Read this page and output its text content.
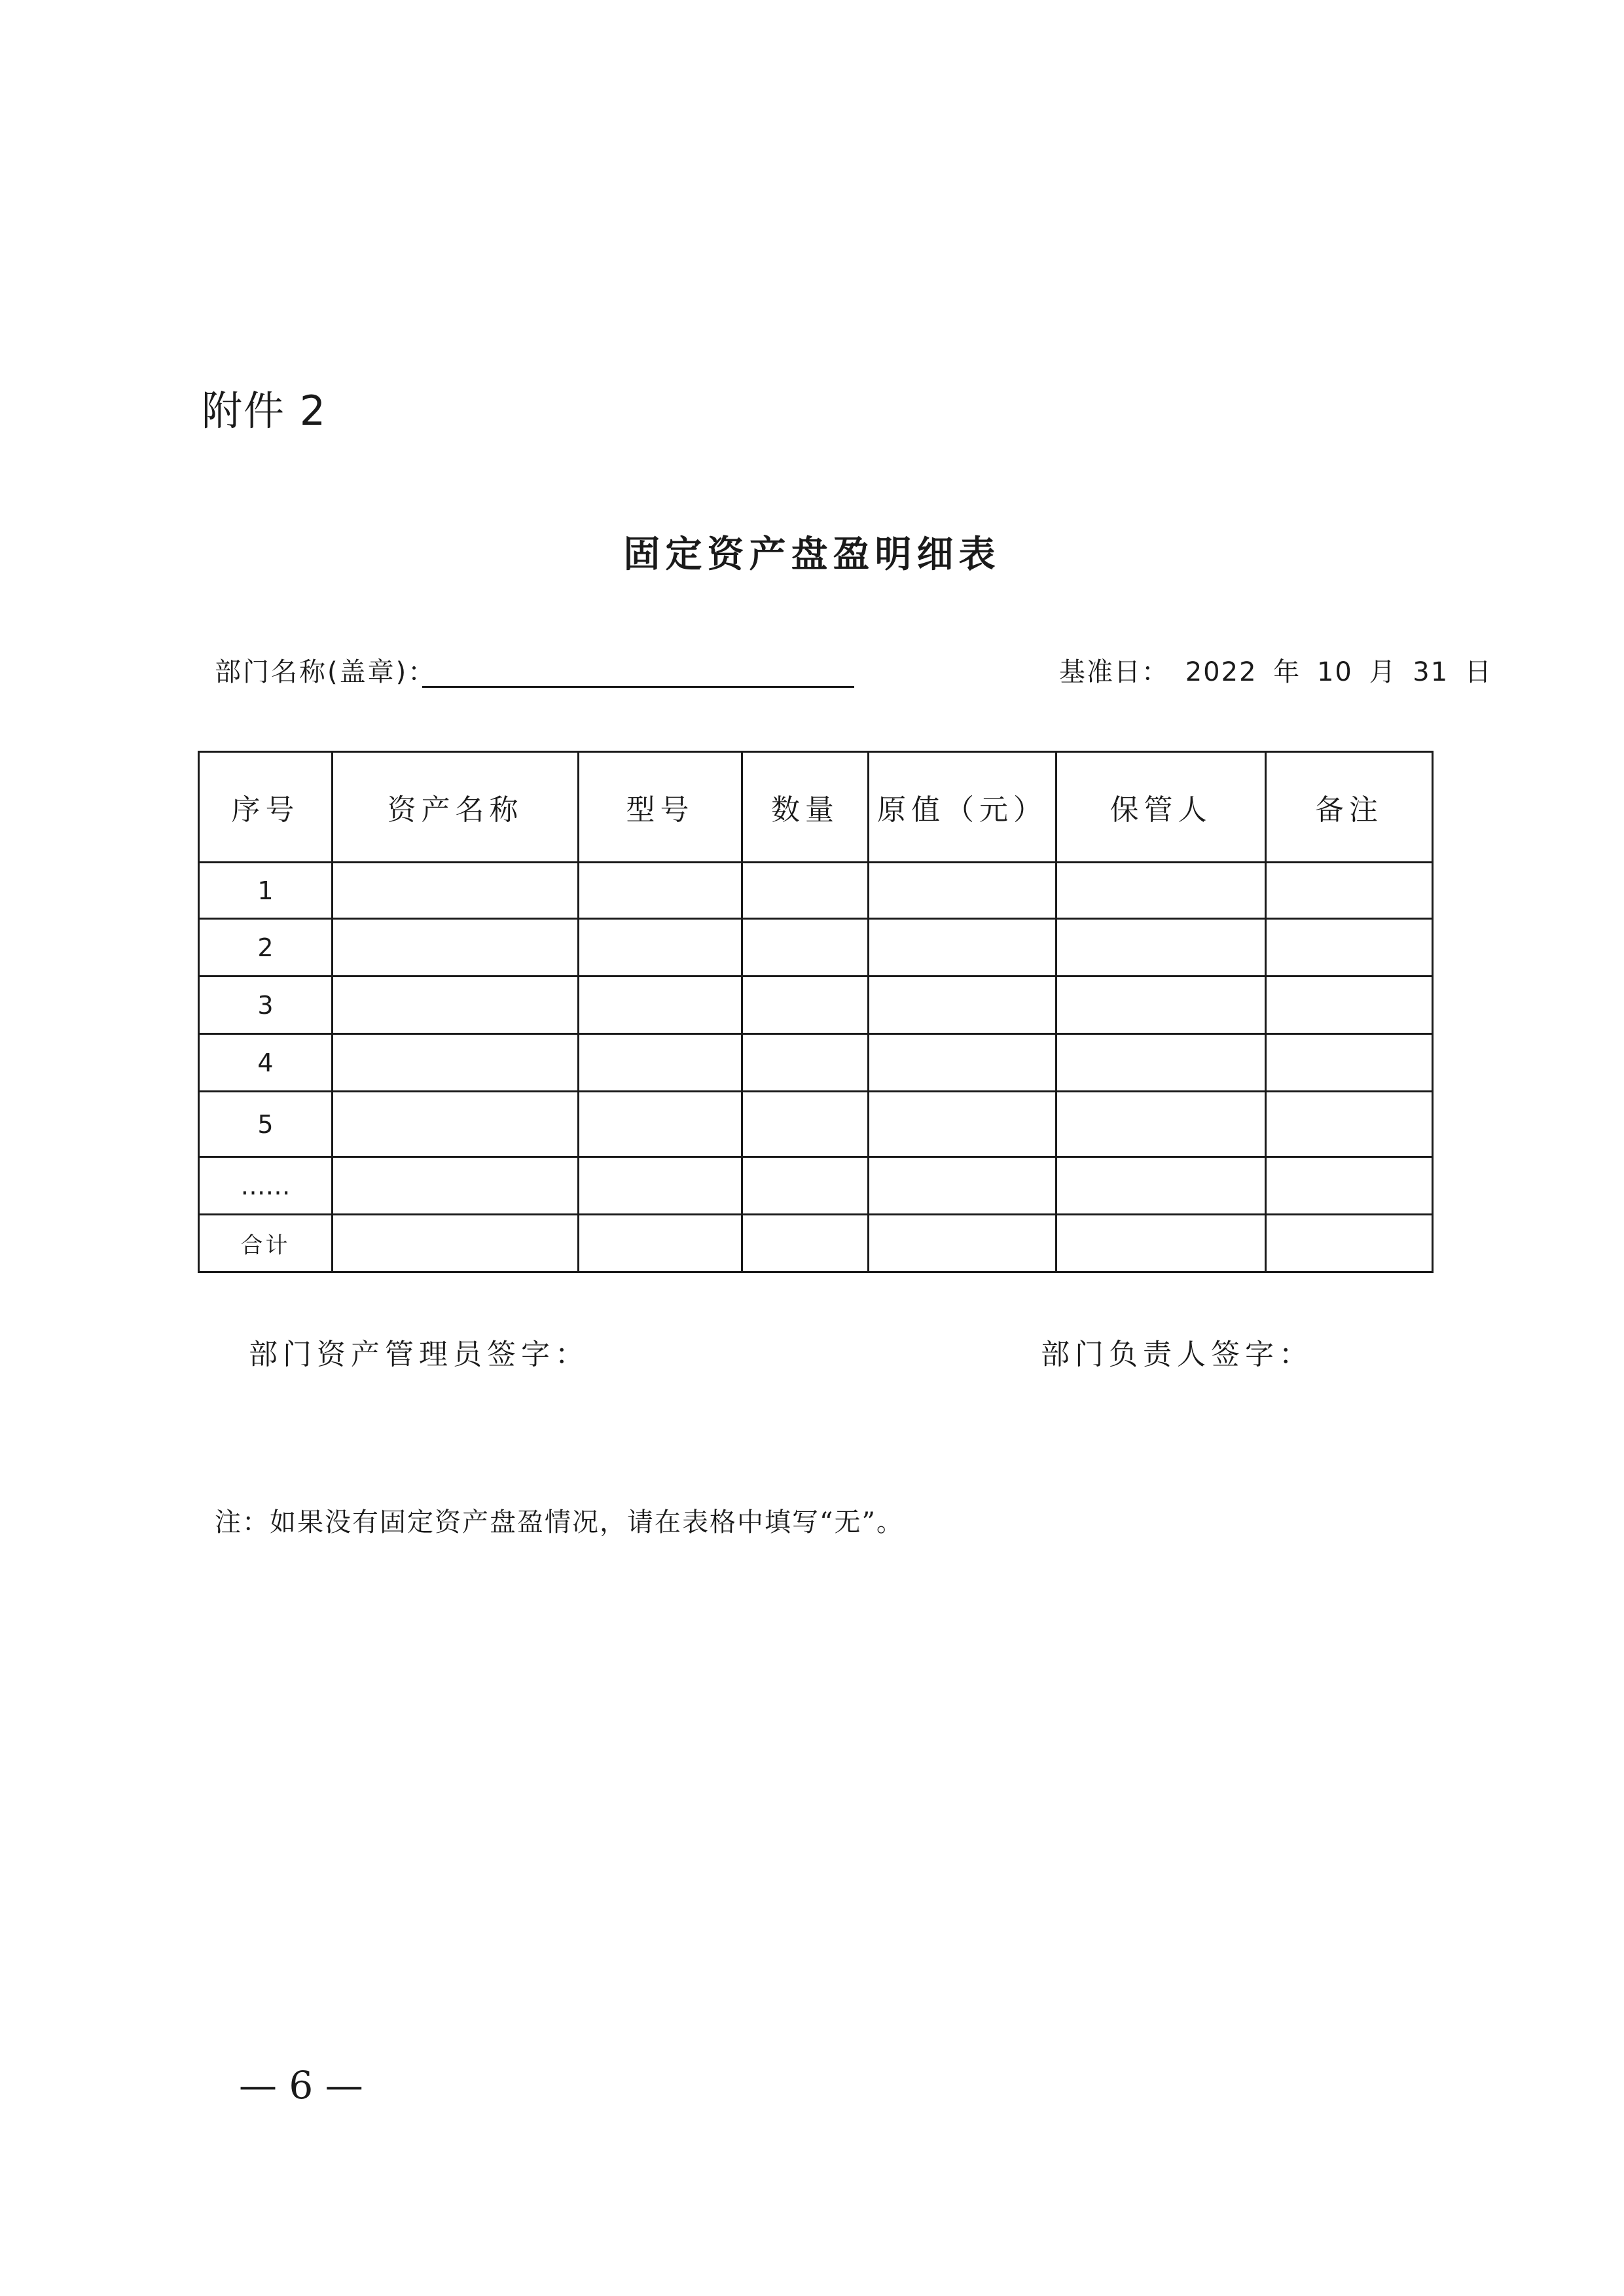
附件 2
固定资产盘盈明细表
部门名称(盖章)：	基准日： 2022 年 10 月 31 日
序号	资产名称	型号	数量	原值（元）	保管人	备注
1						
2						
3						
4						
5						
……						
合计						
部门资产管理员签字：	部门负责人签字：
注：如果没有固定资产盘盈情况，请在表格中填写“无”。
— 6 —
